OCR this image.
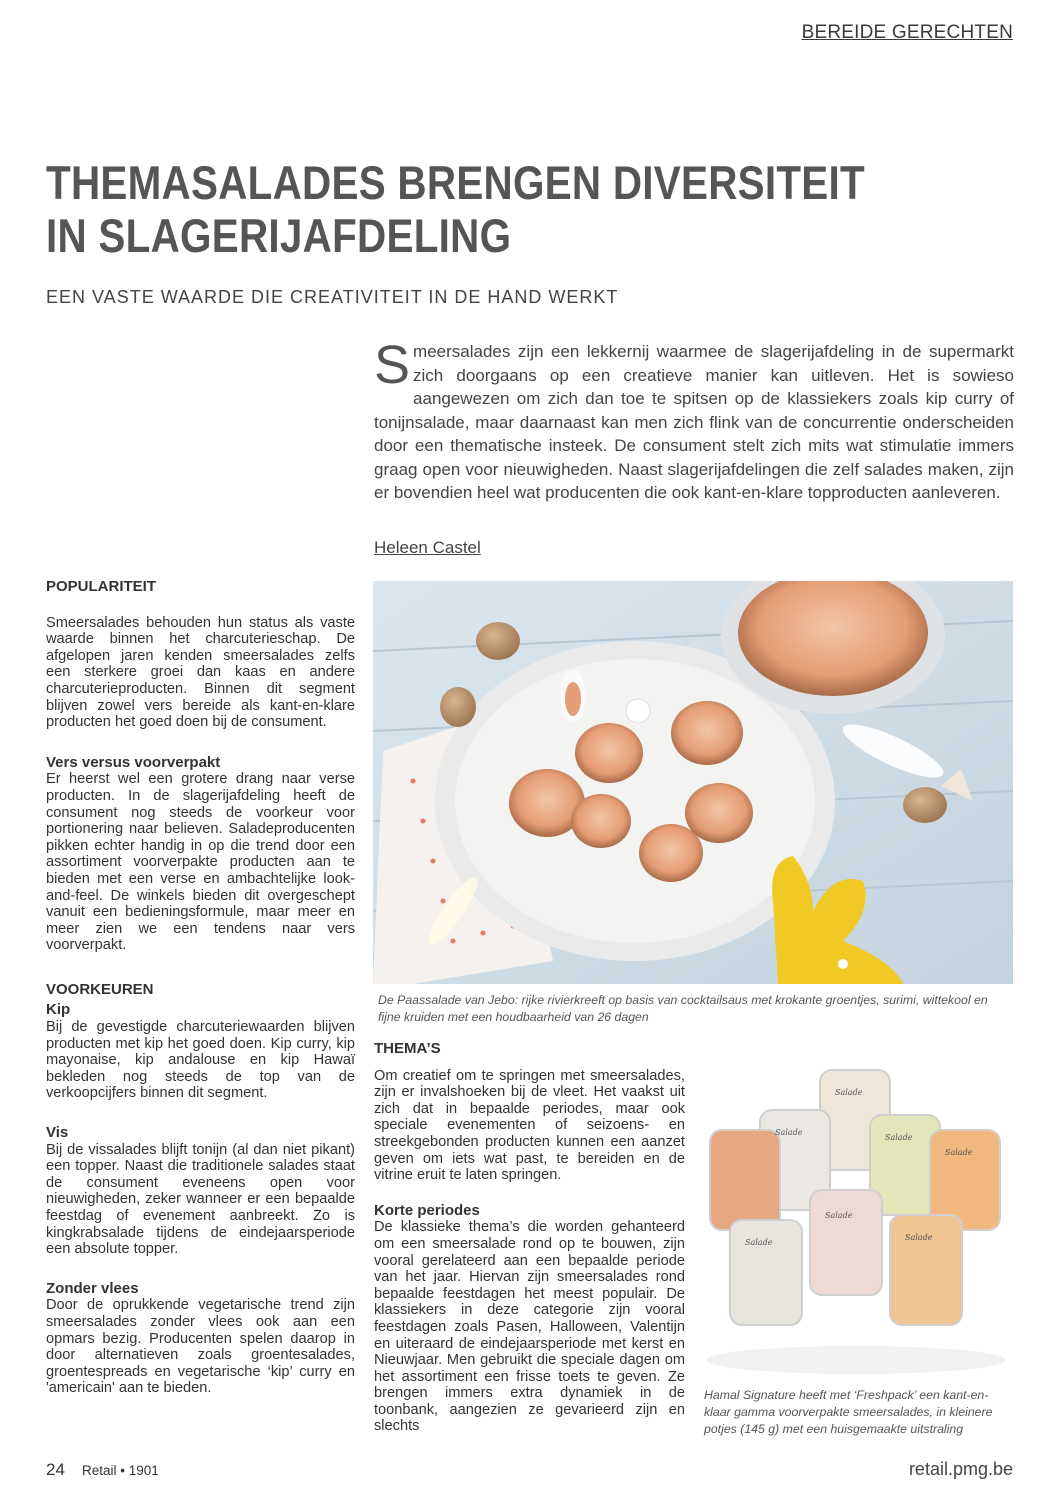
BEREIDE GERECHTEN
THEMASALADES BRENGEN DIVERSITEIT IN SLAGERIJAFDELING
EEN VASTE WAARDE DIE CREATIVITEIT IN DE HAND WERKT
Smeersalades zijn een lekkernij waarmee de slagerijafdeling in de supermarkt zich doorgaans op een creatieve manier kan uitleven. Het is sowieso aangewezen om zich dan toe te spitsen op de klassiekers zoals kip curry of tonijnsalade, maar daarnaast kan men zich flink van de concurrentie onderscheiden door een thematische insteek. De consument stelt zich mits wat stimulatie immers graag open voor nieuwigheden. Naast slagerijafdelingen die zelf salades maken, zijn er bovendien heel wat producenten die ook kant-en-klare topproducten aanleveren.
Heleen Castel
POPULARITEIT

Smeersalades behouden hun status als vaste waarde binnen het charcuterieschap. De afgelopen jaren kenden smeersalades zelfs een sterkere groei dan kaas en andere charcuterieproducten. Binnen dit segment blijven zowel vers bereide als kant-en-klare producten het goed doen bij de consument.

Vers versus voorverpakt

Er heerst wel een grotere drang naar verse producten. In de slagerijafdeling heeft de consument nog steeds de voorkeur voor portionering naar believen. Saladeproducenten pikken echter handig in op die trend door een assortiment voorverpakte producten aan te bieden met een verse en ambachtelijke look-and-feel. De winkels bieden dit overgeschept vanuit een bedieningsformule, maar meer en meer zien we een tendens naar vers voorverpakt.

VOORKEUREN
Kip

Bij de gevestigde charcuteriewaarden blijven producten met kip het goed doen. Kip curry, kip mayonaise, kip andalouse en kip Hawaï bekleden nog steeds de top van de verkoopcijfers binnen dit segment.

Vis

Bij de vissalades blijft tonijn (al dan niet pikant) een topper. Naast die traditionele salades staat de consument eveneens open voor nieuwigheden, zeker wanneer er een bepaalde feestdag of evenement aanbreekt. Zo is kingkrabsalade tijdens de eindejaarsperiode een absolute topper.

Zonder vlees

Door de oprukkende vegetarische trend zijn smeersalades zonder vlees ook aan een opmars bezig. Producenten spelen daarop in door alternatieven zoals groentesalades, groentespreads en vegetarische ‘kip’ curry en 'americain' aan te bieden.

De Paassalade van Jebo: rijke rivierkreeft op basis van cocktailsaus met krokante groentjes, surimi, wittekool en fijne kruiden met een houdbaarheid van 26 dagen
THEMA’S

Om creatief om te springen met smeersalades, zijn er invalshoeken bij de vleet. Het vaakst uit zich dat in bepaalde periodes, maar ook speciale evenementen of seizoens- en streekgebonden producten kunnen een aanzet geven om iets wat past, te bereiden en de vitrine eruit te laten springen.

Korte periodes

De klassieke thema’s die worden gehanteerd om een smeersalade rond op te bouwen, zijn vooral gerelateerd aan een bepaalde periode van het jaar. Hiervan zijn smeersalades rond bepaalde feestdagen het meest populair. De klassiekers in deze categorie zijn vooral feestdagen zoals Pasen, Halloween, Valentijn en uiteraard de eindejaarsperiode met kerst en Nieuwjaar. Men gebruikt die speciale dagen om het assortiment een frisse toets te geven. Ze brengen immers extra dynamiek in de toonbank, aangezien ze gevarieerd zijn en slechts

Salade
Salade
Salade
Salade
Salade
Salade
Salade
Hamal Signature heeft met ‘Freshpack’ een kant-en-klaar gamma voorverpakte smeersalades, in kleinere potjes (145 g) met een huisgemaakte uitstraling
24 Retail • 1901	retail.pmg.be
